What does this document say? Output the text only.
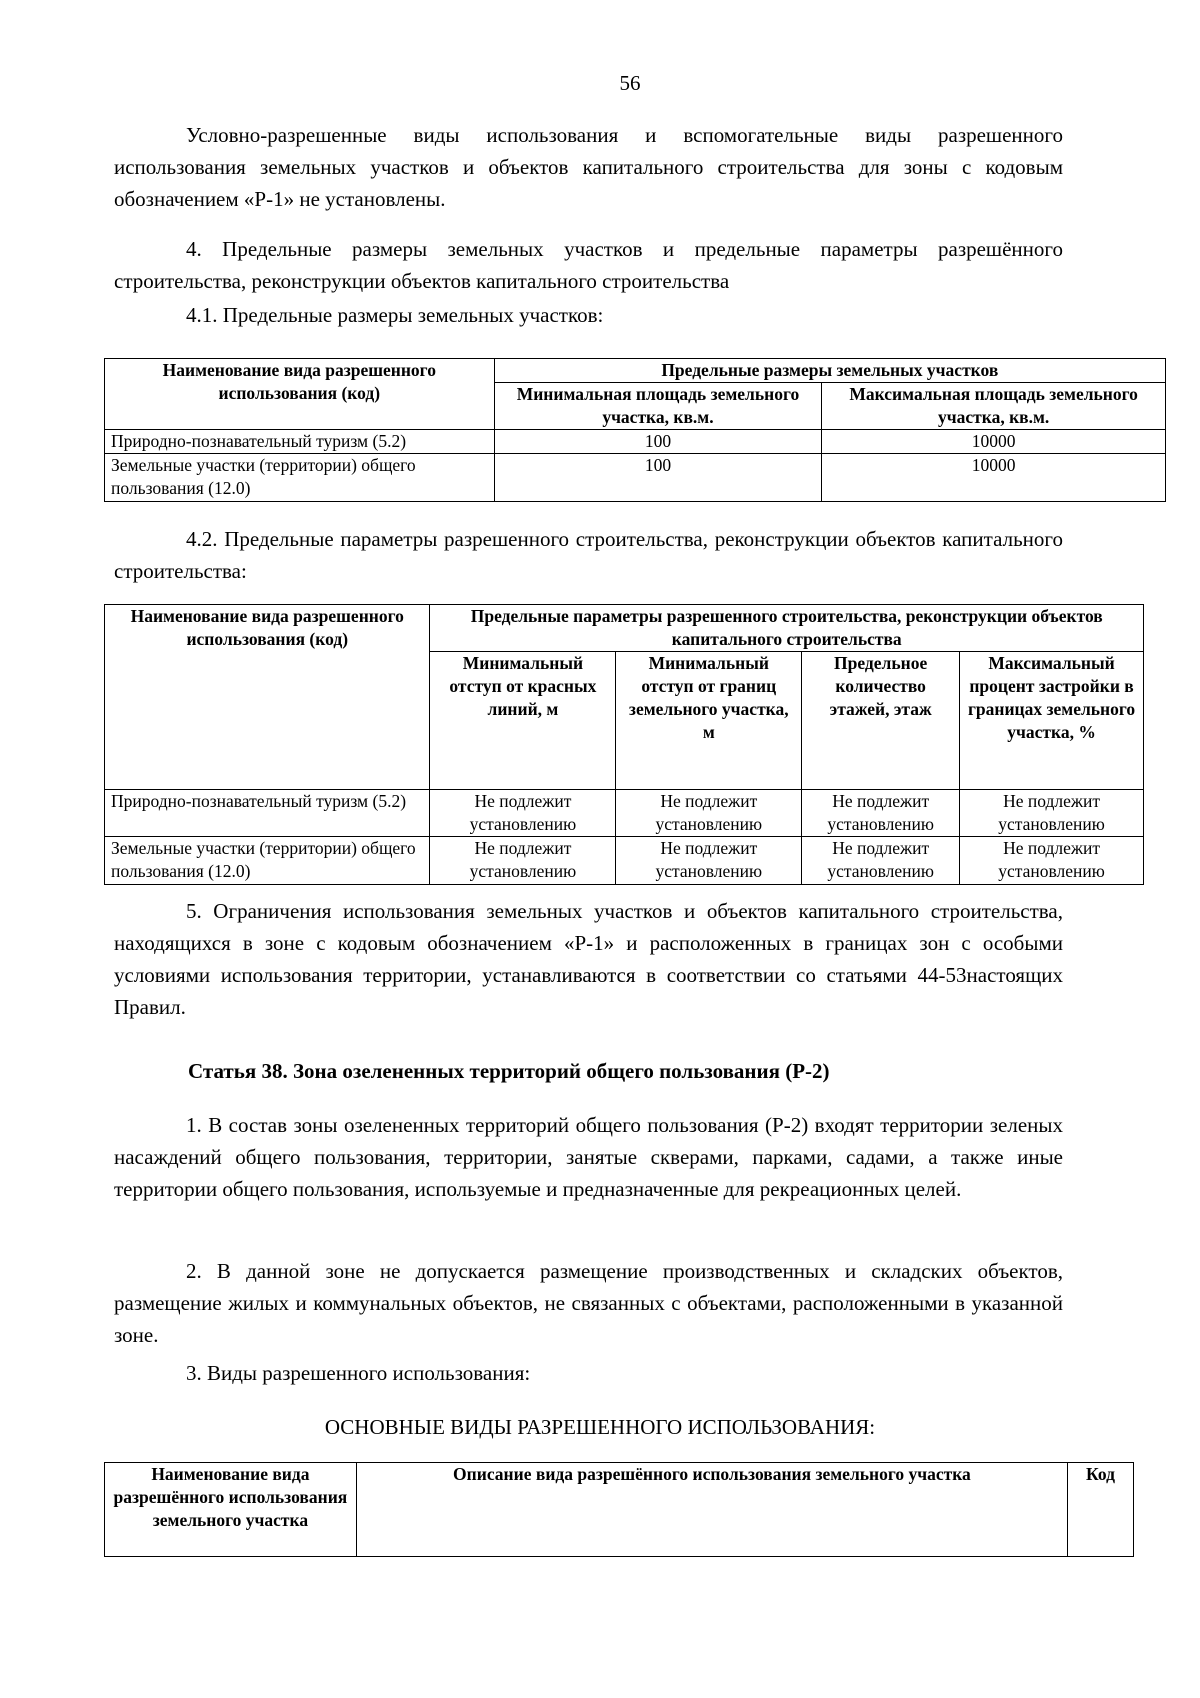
56

Условно-разрешенные виды использования и вспомогательные виды разрешенного использования земельных участков и объектов капитального строительства для зоны с кодовым обозначением «Р-1» не установлены.

4. Предельные размеры земельных участков и предельные параметры разрешённого строительства, реконструкции объектов капитального строительства

4.1. Предельные размеры земельных участков:

Наименование вида разрешенного использования (код)	Предельные размеры земельных участков	
	Минимальная площадь земельного участка, кв.м.	Максимальная площадь земельного участка, кв.м.
Природно-познавательный туризм (5.2)	100	10000
Земельные участки (территории) общего пользования (12.0)	100	10000

4.2. Предельные параметры разрешенного строительства, реконструкции объектов капитального строительства:

Наименование вида разрешенного использования (код)	Предельные параметры разрешенного строительства, реконструкции объектов капитального строительства			
	Минимальный отступ от красных линий, м	Минимальный отступ от границ земельного участка, м	Предельное количество этажей, этаж	Максимальный процент застройки в границах земельного участка, %
Природно-познавательный туризм (5.2)	Не подлежит установлению	Не подлежит установлению	Не подлежит установлению	Не подлежит установлению
Земельные участки (территории) общего пользования (12.0)	Не подлежит установлению	Не подлежит установлению	Не подлежит установлению	Не подлежит установлению

5. Ограничения использования земельных участков и объектов капитального строительства, находящихся в зоне с кодовым обозначением «Р-1» и расположенных в границах зон с особыми условиями использования территории, устанавливаются в соответствии со статьями 44-53настоящих Правил.

Статья 38. Зона озелененных территорий общего пользования (Р-2)

1. В состав зоны озелененных территорий общего пользования (Р-2) входят территории зеленых насаждений общего пользования, территории, занятые скверами, парками, садами, а также иные территории общего пользования, используемые и предназначенные для рекреационных целей.

2. В данной зоне не допускается размещение производственных и складских объектов, размещение жилых и коммунальных объектов, не связанных с объектами, расположенными в указанной зоне.

3. Виды разрешенного использования:

ОСНОВНЫЕ ВИДЫ РАЗРЕШЕННОГО ИСПОЛЬЗОВАНИЯ:
Наименование вида разрешённого использования земельного участка	Описание вида разрешённого использования земельного участка	Код
